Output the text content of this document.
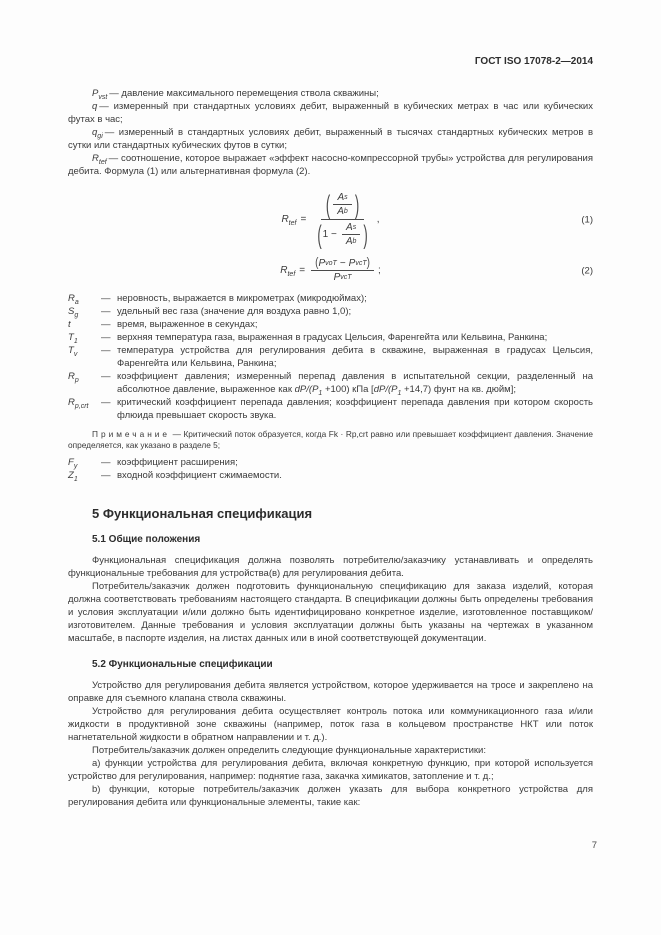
ГОСТ ISO 17078-2—2014

$P_{vst}$ — давление максимального перемещения ствола скважины;

q — измеренный при стандартных условиях дебит, выраженный в кубических метрах в час или кубических футах в час;

$q_{gi}$ — измеренный в стандартных условиях дебит, выраженный в тысячах стандартных кубических метров в сутки или стандартных кубических футов в сутки;

$R_{tef}$ — соотношение, которое выражает «эффект насосно-компрессорной трубы» устройства для регулирования дебита. Формула (1) или альтернативная формула (2).

$R_{tef}$ = ( $\frac{\text{A s}}{\text{A b}}$ )
( $1 - \frac{\text{A s}}{\text{A b}}$ ) ,	(1)
$R_{tef}$ =
( P voT − P vcT )
P vcT
;	(2)
$R_a$	— неровность, выражается в микрометрах (микродюймах);
$S_g$	— удельный вес газа (значение для воздуха равно 1,0);
t	— время, выраженное в секундах;
$T_1$	— верхняя температура газа, выраженная в градусах Цельсия, Фаренгейта или Кельвина, Ранкина;
$T_v$	— температура устройства для регулирования дебита в скважине, выраженная в градусах Цельсия, Фаренгейта или Кельвина, Ранкина;
$R_p$	— коэффициент давления; измеренный перепад давления в испытательной секции, разделенный на абсолютное давление, выраженное как $dP/(P_1 +100)$ кПа [$dP/(P_1 +14,7)$ фунт на кв. дюйм];
$R_{p,crt}$	— критический коэффициент перепада давления; коэффициент перепада давления при котором скорость флюида превышает скорость звука.

Примечание — Критический поток образуется, когда Fk · Rp,crt равно или превышает коэффициент давления. Значение определяется, как указано в разделе 5;

$F_y$	— коэффициент расширения;
$Z_1$	— входной коэффициент сжимаемости.
5 Функциональная спецификация
5.1 Общие положения

Функциональная спецификация должна позволять потребителю/заказчику устанавливать и определять функциональные требования для устройства(в) для регулирования дебита.

Потребитель/заказчик должен подготовить функциональную спецификацию для заказа изделий, которая должна соответствовать требованиям настоящего стандарта. В спецификации должны быть определены требования и условия эксплуатации и/или должно быть идентифицировано конкретное изделие, изготовленное поставщиком/изготовителем. Данные требования и условия эксплуатации должны быть указаны на чертежах в указанном масштабе, в паспорте изделия, на листах данных или в иной соответствующей документации.

5.2 Функциональные спецификации

Устройство для регулирования дебита является устройством, которое удерживается на тросе и закреплено на оправке для съемного клапана ствола скважины.

Устройство для регулирования дебита осуществляет контроль потока или коммуникационного газа и/или жидкости в продуктивной зоне скважины (например, поток газа в кольцевом пространстве НКТ или поток нагнетательной жидкости в обратном направлении и т. д.).

Потребитель/заказчик должен определить следующие функциональные характеристики:

a) функции устройства для регулирования дебита, включая конкретную функцию, при которой используется устройство для регулирования, например: поднятие газа, закачка химикатов, затопление и т. д.;

b) функции, которые потребитель/заказчик должен указать для выбора конкретного устройства для регулирования дебита или функциональные элементы, такие как:

7
